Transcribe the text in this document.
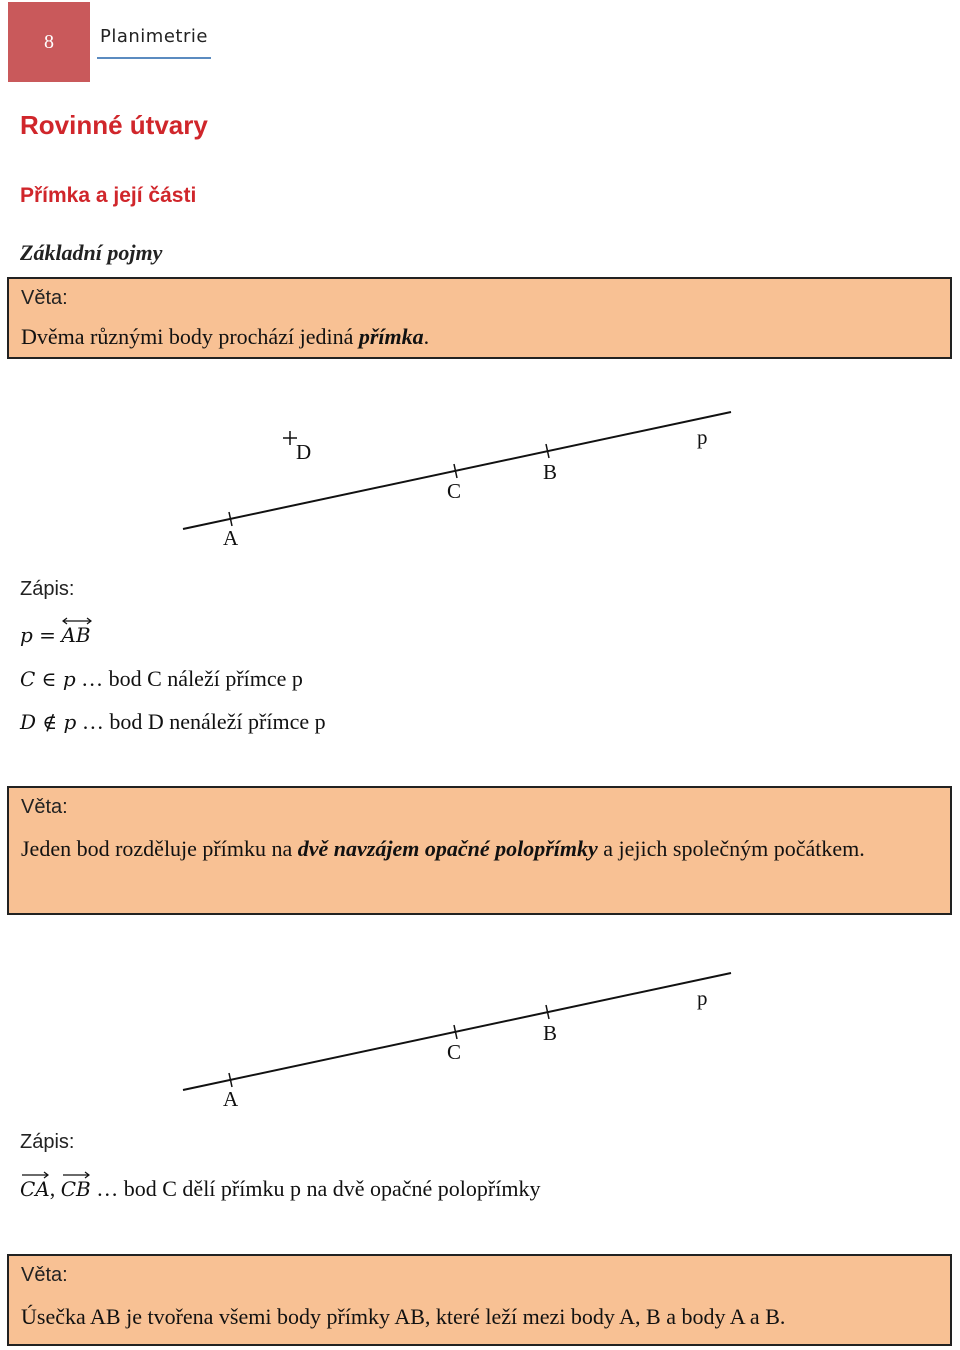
8	Planimetrie
Rovinné útvary
Přímka a její části
Základní pojmy
Věta:
Dvěma různými body prochází jediná přímka.
A
C
B
D
p
Zápis:
p = AB
C ∈ p … bod C náleží přímce p
D ∉ p … bod D nenáleží přímce p
Věta:
Jeden bod rozděluje přímku na dvě navzájem opačné polopřímky a jejich společným počátkem.
A
C
B
p
Zápis:
CA, CB … bod C dělí přímku p na dvě opačné polopřímky
Věta:
Úsečka AB je tvořena všemi body přímky AB, které leží mezi body A, B a body A a B.
